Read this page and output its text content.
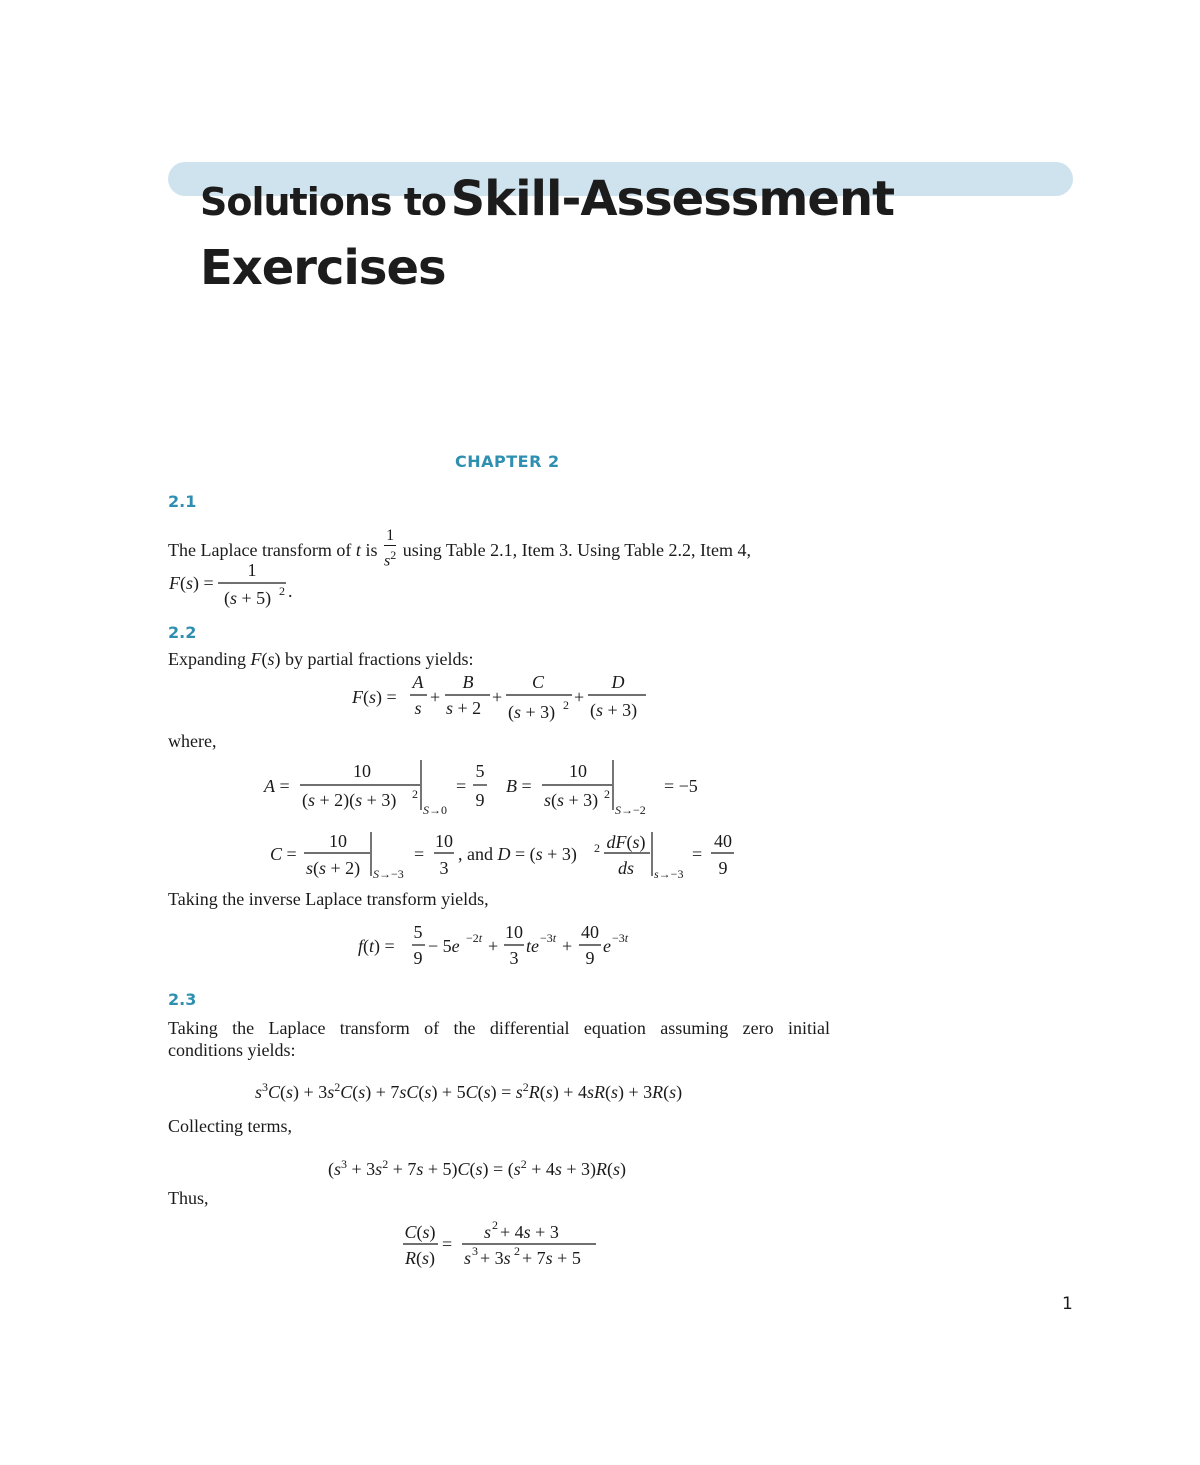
Solutions to Skill-Assessment
Exercises
CHAPTER 2
2.1
The Laplace transform of t is $\frac{1}{s^2}$ using Table 2.1, Item 3. Using Table 2.2, Item 4,
F(s) =
1
(s + 5) 2 .
2.2
Expanding F(s) by partial fractions yields:
F(s) =
A
s
+
B
s + 2
+
C
(s + 3) 2 +
D
(s + 3)
where,
A =
10
(s + 2)(s + 3) 2
S→0
=
5
9
B =
10
s(s + 3) 2
S→−2
= −5
C =
10
s(s + 2) S→−3
=
10
3
, and D = (s + 3) 2 dF(s)
ds s→−3
=
40
9
Taking the inverse Laplace transform yields,
f(t) =
5
9
− 5e −2t +
10
3
te −3t +
40
9
e −3t
2.3
Taking the Laplace transform of the differential equation assuming zero initial
conditions yields:
$s^3C(s) + 3s^2C(s) + 7sC(s) + 5C(s) = s^2R(s) + 4sR(s) + 3R(s)$
Collecting terms,
$(s^3 + 3s^2 + 7s + 5)C(s) = (s^2 + 4s + 3)R(s)$
Thus,
C(s)
R(s)
=
s 2 + 4s + 3
s 3 + 3s 2 + 7s + 5
1
